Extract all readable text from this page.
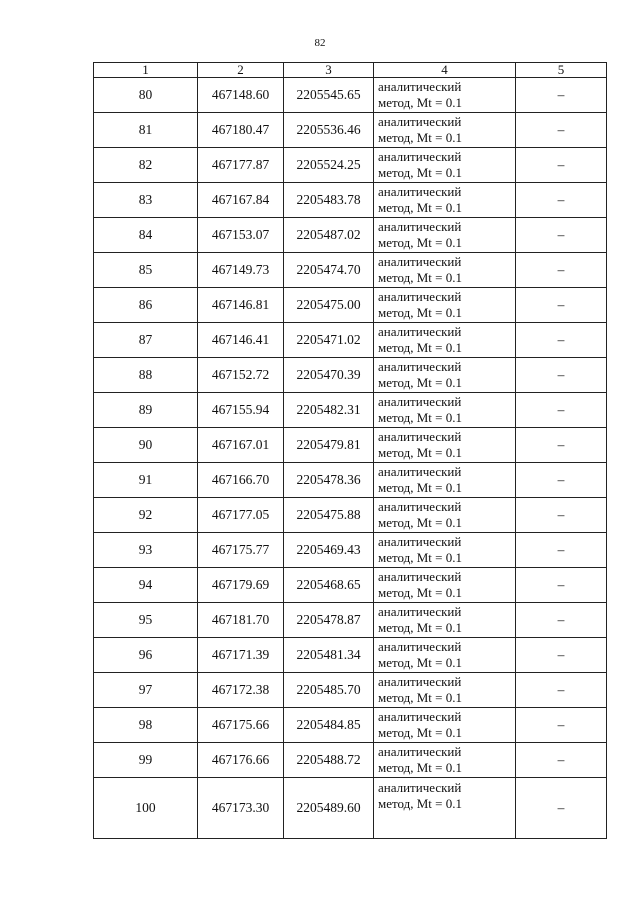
82
1	2	3	4	5
80	467148.60	2205545.65	аналитический
метод, Mt = 0.1	–
81	467180.47	2205536.46	аналитический
метод, Mt = 0.1	–
82	467177.87	2205524.25	аналитический
метод, Mt = 0.1	–
83	467167.84	2205483.78	аналитический
метод, Mt = 0.1	–
84	467153.07	2205487.02	аналитический
метод, Mt = 0.1	–
85	467149.73	2205474.70	аналитический
метод, Mt = 0.1	–
86	467146.81	2205475.00	аналитический
метод, Mt = 0.1	–
87	467146.41	2205471.02	аналитический
метод, Mt = 0.1	–
88	467152.72	2205470.39	аналитический
метод, Mt = 0.1	–
89	467155.94	2205482.31	аналитический
метод, Mt = 0.1	–
90	467167.01	2205479.81	аналитический
метод, Mt = 0.1	–
91	467166.70	2205478.36	аналитический
метод, Mt = 0.1	–
92	467177.05	2205475.88	аналитический
метод, Mt = 0.1	–
93	467175.77	2205469.43	аналитический
метод, Mt = 0.1	–
94	467179.69	2205468.65	аналитический
метод, Mt = 0.1	–
95	467181.70	2205478.87	аналитический
метод, Mt = 0.1	–
96	467171.39	2205481.34	аналитический
метод, Mt = 0.1	–
97	467172.38	2205485.70	аналитический
метод, Mt = 0.1	–
98	467175.66	2205484.85	аналитический
метод, Mt = 0.1	–
99	467176.66	2205488.72	аналитический
метод, Mt = 0.1	–
100	467173.30	2205489.60	аналитический
метод, Mt = 0.1	–
